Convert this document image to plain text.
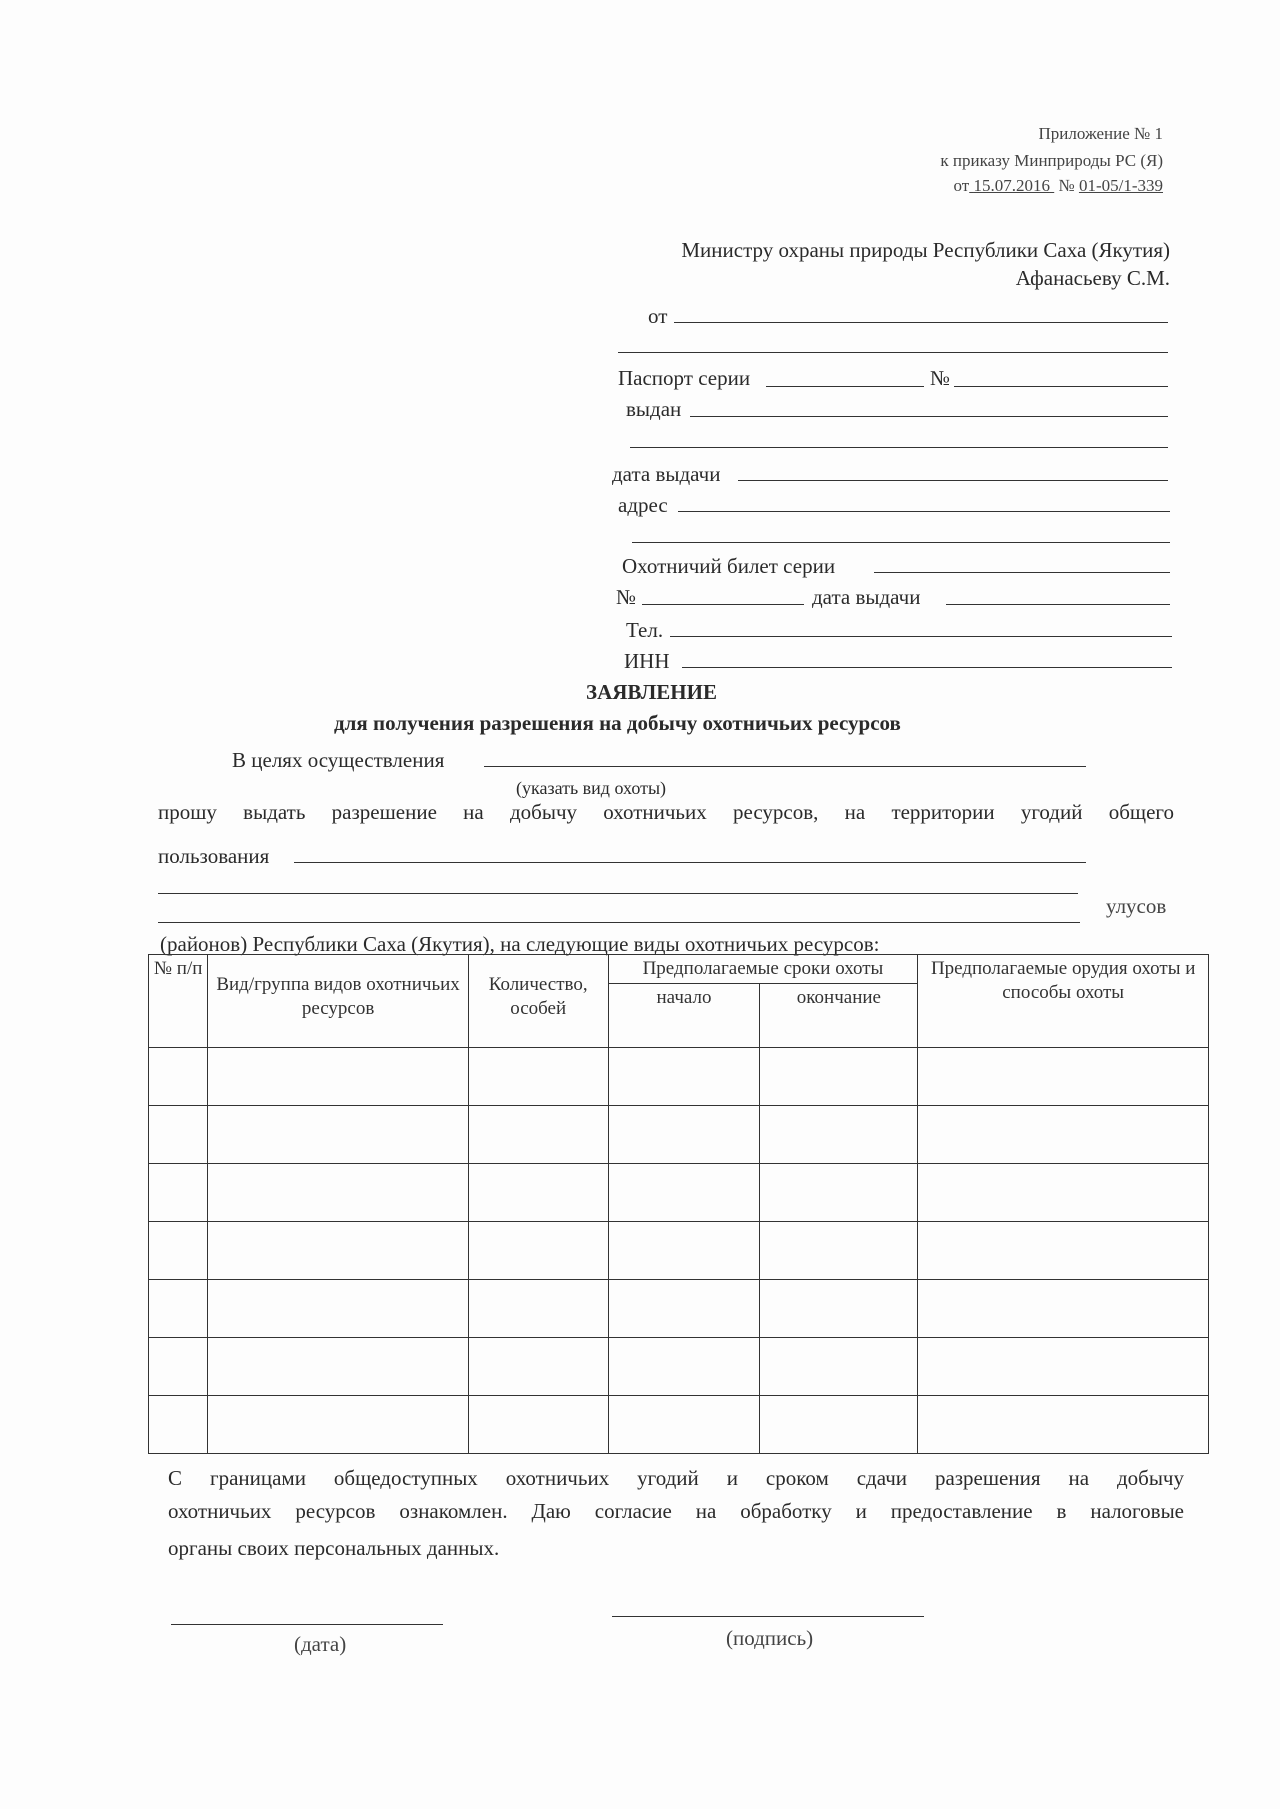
Приложение № 1
к приказу Минприроды РС (Я)
от 15.07.2016 № 01-05/1-339
Министру охраны природы Республики Саха (Якутия)
Афанасьеву С.М.
от
Паспорт серии	№
выдан
дата выдачи
адрес
Охотничий билет серии
№	дата выдачи
Тел.
ИНН
ЗАЯВЛЕНИЕ
для получения разрешения на добычу охотничьих ресурсов
В целях осуществления
(указать вид охоты)
прошу выдать разрешение на добычу охотничьих ресурсов, на территории угодий общего
пользования
улусов
(районов) Республики Саха (Якутия), на следующие виды охотничьих ресурсов:
№ п/п	Вид/группа видов охотничьих ресурсов	Количество, особей	Предполагаемые сроки охоты		Предполагаемые орудия охоты и способы охоты
			начало	окончание	

С границами общедоступных охотничьих угодий и сроком сдачи разрешения на добычу
охотничьих ресурсов ознакомлен. Даю согласие на обработку и предоставление в налоговые
органы своих персональных данных.
(дата)	(подпись)
